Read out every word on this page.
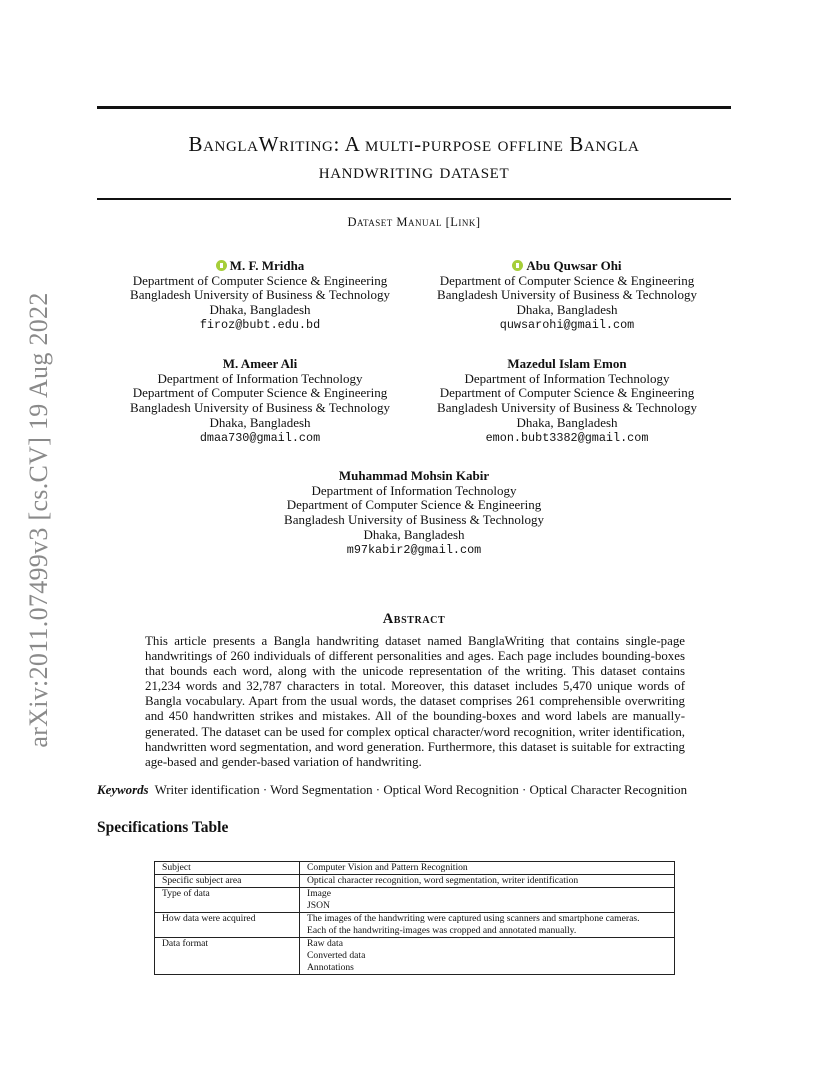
arXiv:2011.07499v3 [cs.CV] 19 Aug 2022
BanglaWriting: A multi-purpose offline Bangla
handwriting dataset
Dataset Manual [Link]
M. F. Mridha
Department of Computer Science & Engineering
Bangladesh University of Business & Technology
Dhaka, Bangladesh
firoz@bubt.edu.bd
Abu Quwsar Ohi
Department of Computer Science & Engineering
Bangladesh University of Business & Technology
Dhaka, Bangladesh
quwsarohi@gmail.com
M. Ameer Ali
Department of Information Technology
Department of Computer Science & Engineering
Bangladesh University of Business & Technology
Dhaka, Bangladesh
dmaa730@gmail.com
Mazedul Islam Emon
Department of Information Technology
Department of Computer Science & Engineering
Bangladesh University of Business & Technology
Dhaka, Bangladesh
emon.bubt3382@gmail.com
Muhammad Mohsin Kabir
Department of Information Technology
Department of Computer Science & Engineering
Bangladesh University of Business & Technology
Dhaka, Bangladesh
m97kabir2@gmail.com
Abstract
This article presents a Bangla handwriting dataset named BanglaWriting that contains single-page handwritings of 260 individuals of different personalities and ages. Each page includes bounding-boxes that bounds each word, along with the unicode representation of the writing. This dataset contains 21,234 words and 32,787 characters in total. Moreover, this dataset includes 5,470 unique words of Bangla vocabulary. Apart from the usual words, the dataset comprises 261 comprehensible overwriting and 450 handwritten strikes and mistakes. All of the bounding-boxes and word labels are manually-generated. The dataset can be used for complex optical character/word recognition, writer identification, handwritten word segmentation, and word generation. Furthermore, this dataset is suitable for extracting age-based and gender-based variation of handwriting.
Keywords Writer identification · Word Segmentation · Optical Word Recognition · Optical Character Recognition
Specifications Table
Subject	Computer Vision and Pattern Recognition

Specific subject area	Optical character recognition, word segmentation, writer identification

Type of data	Image
JSON

How data were acquired	The images of the handwriting were captured using scanners and smartphone cameras.
Each of the handwriting-images was cropped and annotated manually.

Data format	Raw data
Converted data
Annotations
